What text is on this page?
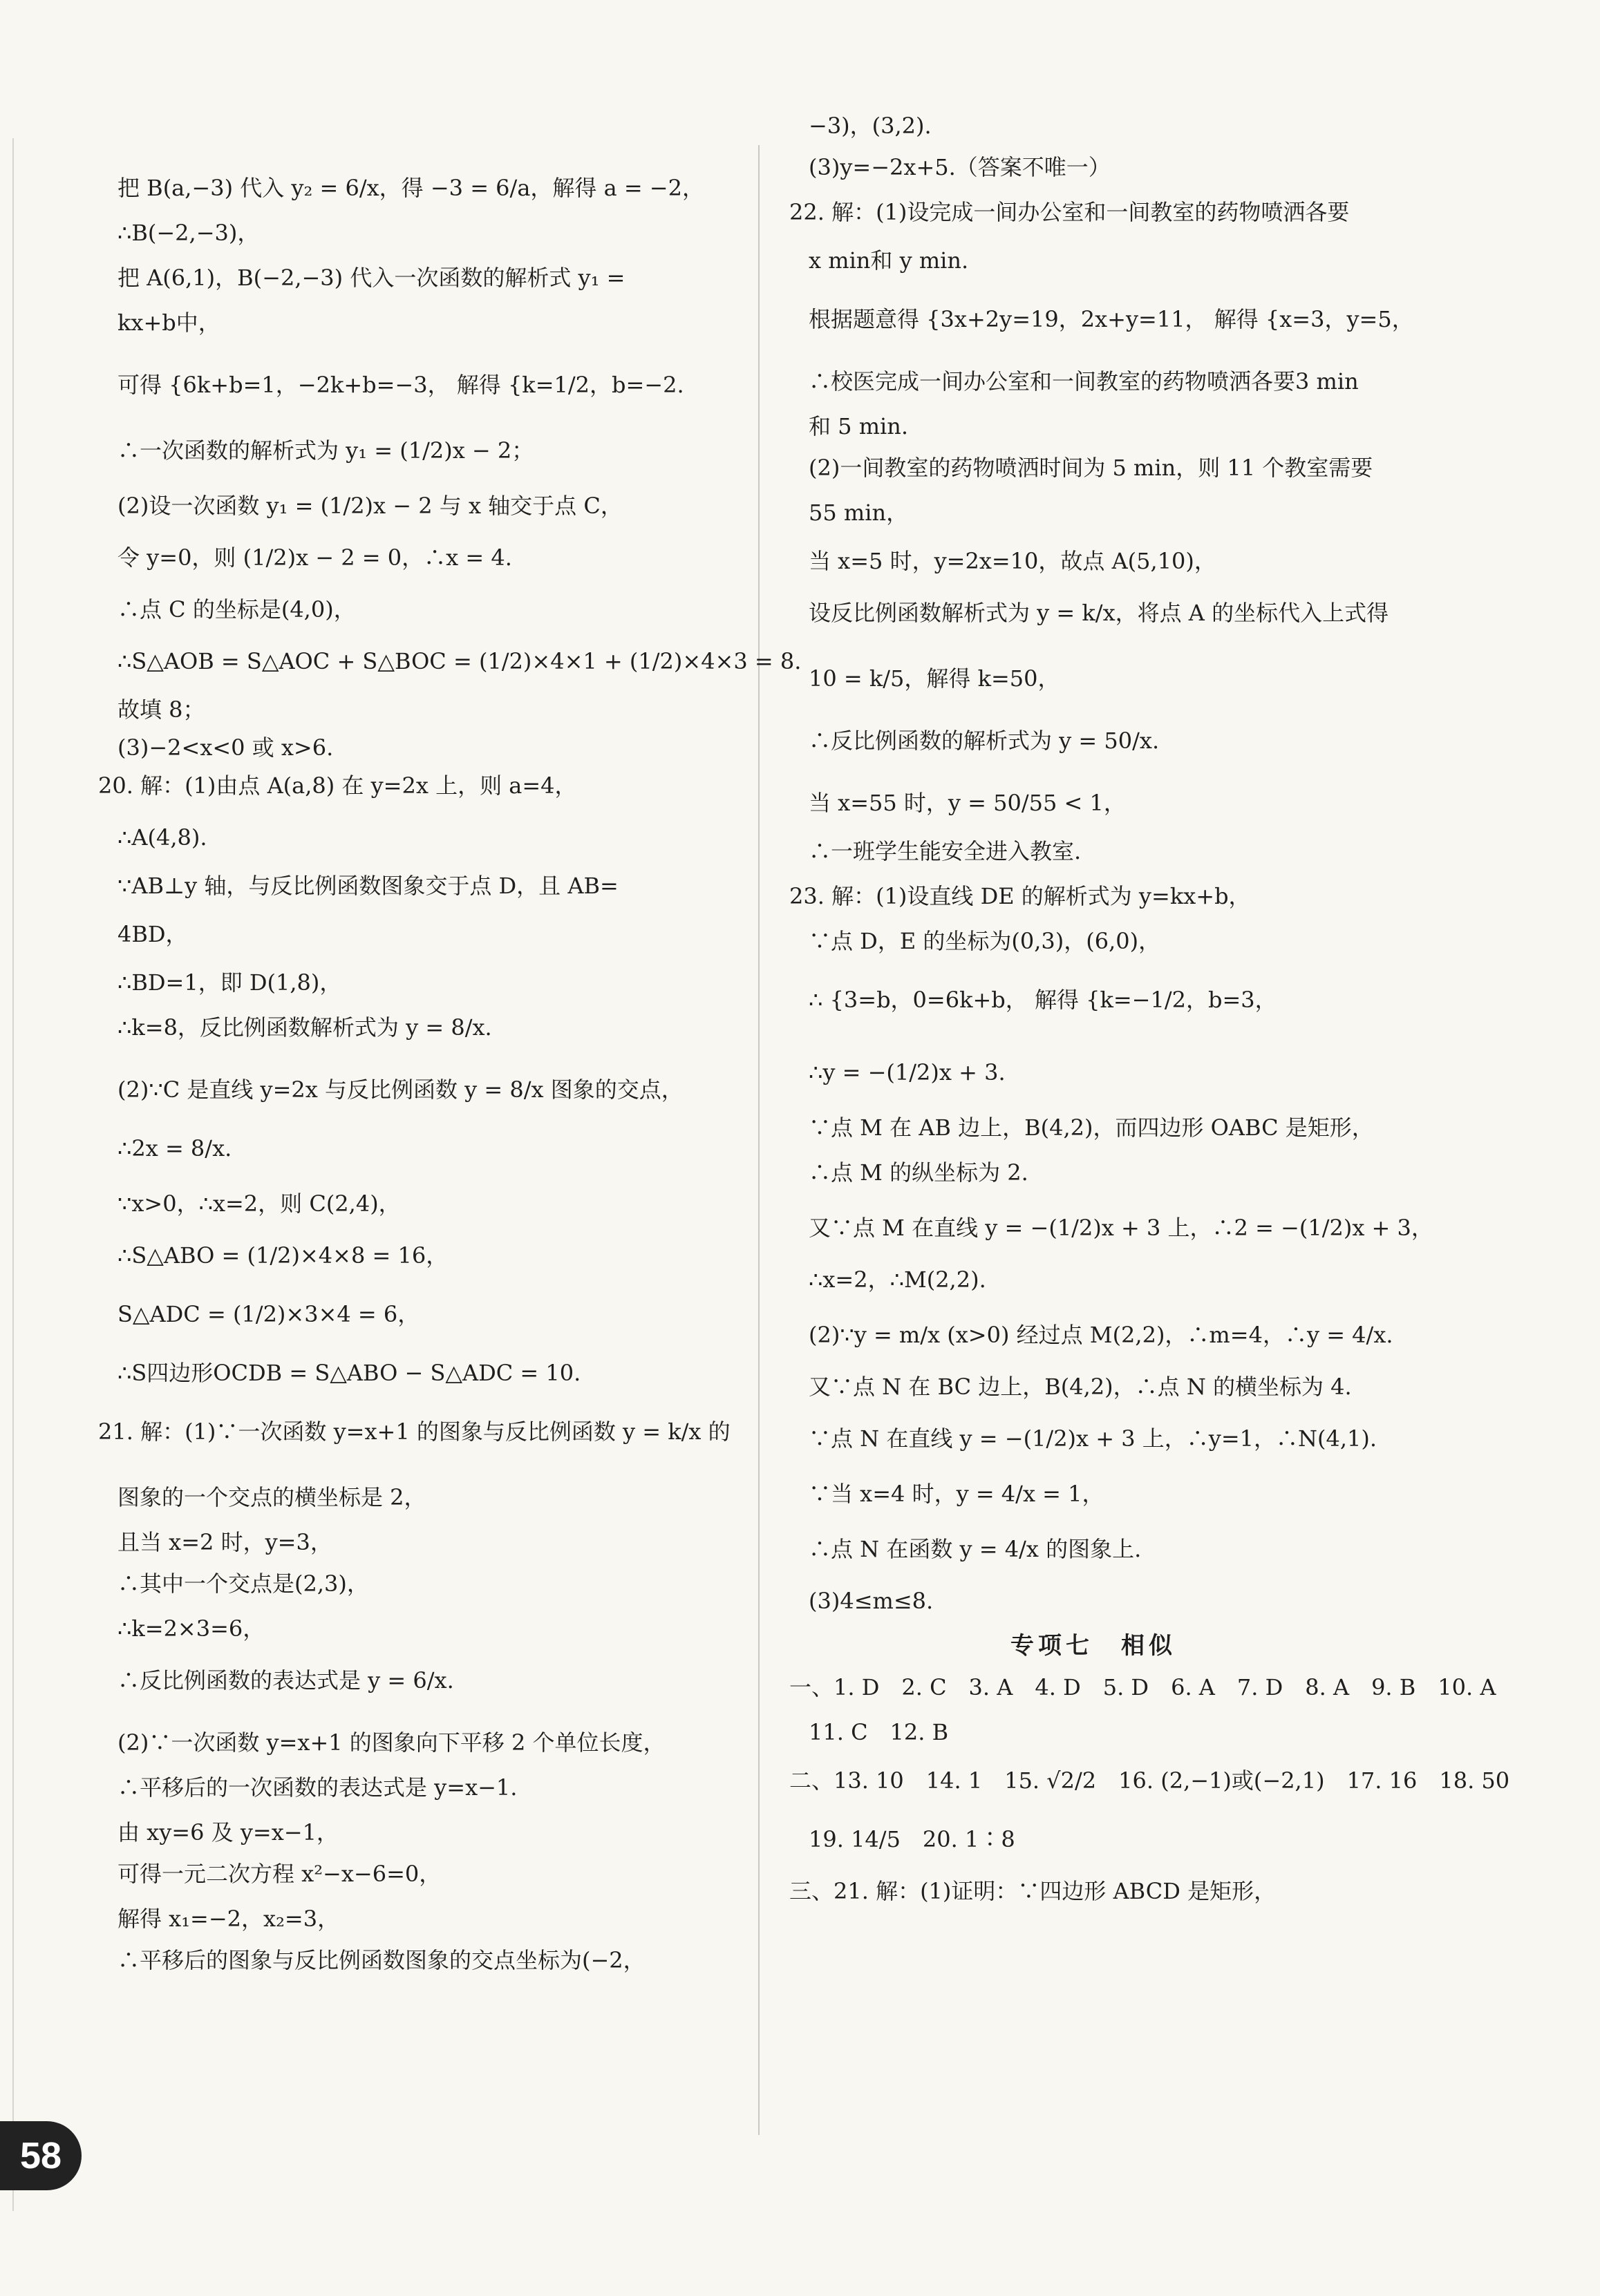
把 B(a,−3) 代入 y₂ = 6/x，得 −3 = 6/a，解得 a = −2，
∴B(−2,−3)，
把 A(6,1)，B(−2,−3) 代入一次函数的解析式 y₁ =
kx+b中，
可得 {6k+b=1，−2k+b=−3， 解得 {k=1/2，b=−2.
∴一次函数的解析式为 y₁ = (1/2)x − 2；
(2)设一次函数 y₁ = (1/2)x − 2 与 x 轴交于点 C，
令 y=0，则 (1/2)x − 2 = 0，∴x = 4.
∴点 C 的坐标是(4,0)，
∴S△AOB = S△AOC + S△BOC = (1/2)×4×1 + (1/2)×4×3 = 8.
故填 8；
(3)−2<x<0 或 x>6.
20. 解：(1)由点 A(a,8) 在 y=2x 上，则 a=4，
∴A(4,8).
∵AB⊥y 轴，与反比例函数图象交于点 D，且 AB=
4BD，
∴BD=1，即 D(1,8)，
∴k=8，反比例函数解析式为 y = 8/x.
(2)∵C 是直线 y=2x 与反比例函数 y = 8/x 图象的交点，
∴2x = 8/x.
∵x>0，∴x=2，则 C(2,4)，
∴S△ABO = (1/2)×4×8 = 16，
S△ADC = (1/2)×3×4 = 6，
∴S四边形OCDB = S△ABO − S△ADC = 10.
21. 解：(1)∵一次函数 y=x+1 的图象与反比例函数 y = k/x 的
图象的一个交点的横坐标是 2，
且当 x=2 时，y=3，
∴其中一个交点是(2,3)，
∴k=2×3=6，
∴反比例函数的表达式是 y = 6/x.
(2)∵一次函数 y=x+1 的图象向下平移 2 个单位长度，
∴平移后的一次函数的表达式是 y=x−1.
由 xy=6 及 y=x−1，
可得一元二次方程 x²−x−6=0，
解得 x₁=−2，x₂=3，
∴平移后的图象与反比例函数图象的交点坐标为(−2，
−3)，(3,2).
(3)y=−2x+5.（答案不唯一）
22. 解：(1)设完成一间办公室和一间教室的药物喷洒各要
x min和 y min.
根据题意得 {3x+2y=19，2x+y=11， 解得 {x=3，y=5，
∴校医完成一间办公室和一间教室的药物喷洒各要3 min
和 5 min.
(2)一间教室的药物喷洒时间为 5 min，则 11 个教室需要
55 min，
当 x=5 时，y=2x=10，故点 A(5,10)，
设反比例函数解析式为 y = k/x，将点 A 的坐标代入上式得
10 = k/5，解得 k=50，
∴反比例函数的解析式为 y = 50/x.
当 x=55 时，y = 50/55 < 1，
∴一班学生能安全进入教室.
23. 解：(1)设直线 DE 的解析式为 y=kx+b，
∵点 D，E 的坐标为(0,3)，(6,0)，
∴ {3=b，0=6k+b， 解得 {k=−1/2，b=3，
∴y = −(1/2)x + 3.
∵点 M 在 AB 边上，B(4,2)，而四边形 OABC 是矩形，
∴点 M 的纵坐标为 2.
又∵点 M 在直线 y = −(1/2)x + 3 上，∴2 = −(1/2)x + 3，
∴x=2，∴M(2,2).
(2)∵y = m/x (x>0) 经过点 M(2,2)，∴m=4，∴y = 4/x.
又∵点 N 在 BC 边上，B(4,2)，∴点 N 的横坐标为 4.
∵点 N 在直线 y = −(1/2)x + 3 上，∴y=1，∴N(4,1).
∵当 x=4 时，y = 4/x = 1，
∴点 N 在函数 y = 4/x 的图象上.
(3)4≤m≤8.
专项七　相似
一、1. D　2. C　3. A　4. D　5. D　6. A　7. D　8. A　9. B　10. A
11. C　12. B
二、13. 10　14. 1　15. √2/2　16. (2,−1)或(−2,1)　17. 16　18. 50
19. 14/5　20. 1∶8
三、21. 解：(1)证明：∵四边形 ABCD 是矩形，
58
